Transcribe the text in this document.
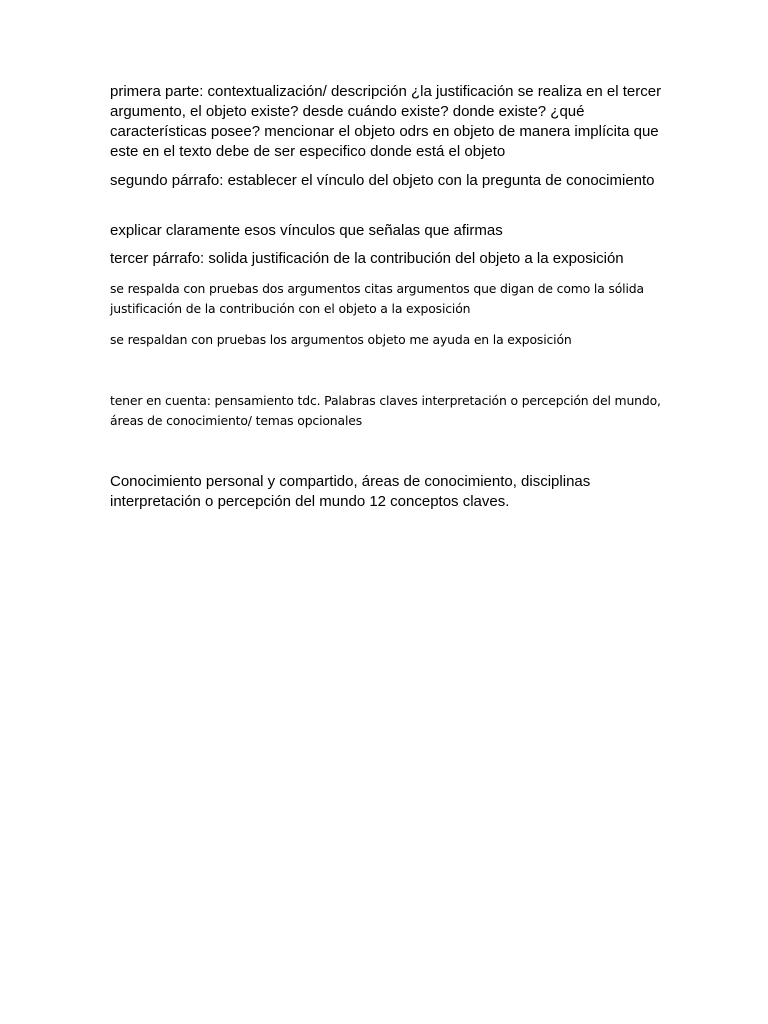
primera parte: contextualización/ descripción ¿la justificación se realiza en el tercer argumento, el objeto existe? desde cuándo existe? donde existe? ¿qué características posee? mencionar el objeto odrs en objeto de manera implícita que este en el texto debe de ser especifico donde está el objeto

segundo párrafo: establecer el vínculo del objeto con la pregunta de conocimiento

explicar claramente esos vínculos que señalas que afirmas

tercer párrafo: solida justificación de la contribución del objeto a la exposición

se respalda con pruebas dos argumentos citas argumentos que digan de como la sólida justificación de la contribución con el objeto a la exposición

se respaldan con pruebas los argumentos objeto me ayuda en la exposición

tener en cuenta: pensamiento tdc. Palabras claves interpretación o percepción del mundo, áreas de conocimiento/ temas opcionales

Conocimiento personal y compartido, áreas de conocimiento, disciplinas interpretación o percepción del mundo 12 conceptos claves.
